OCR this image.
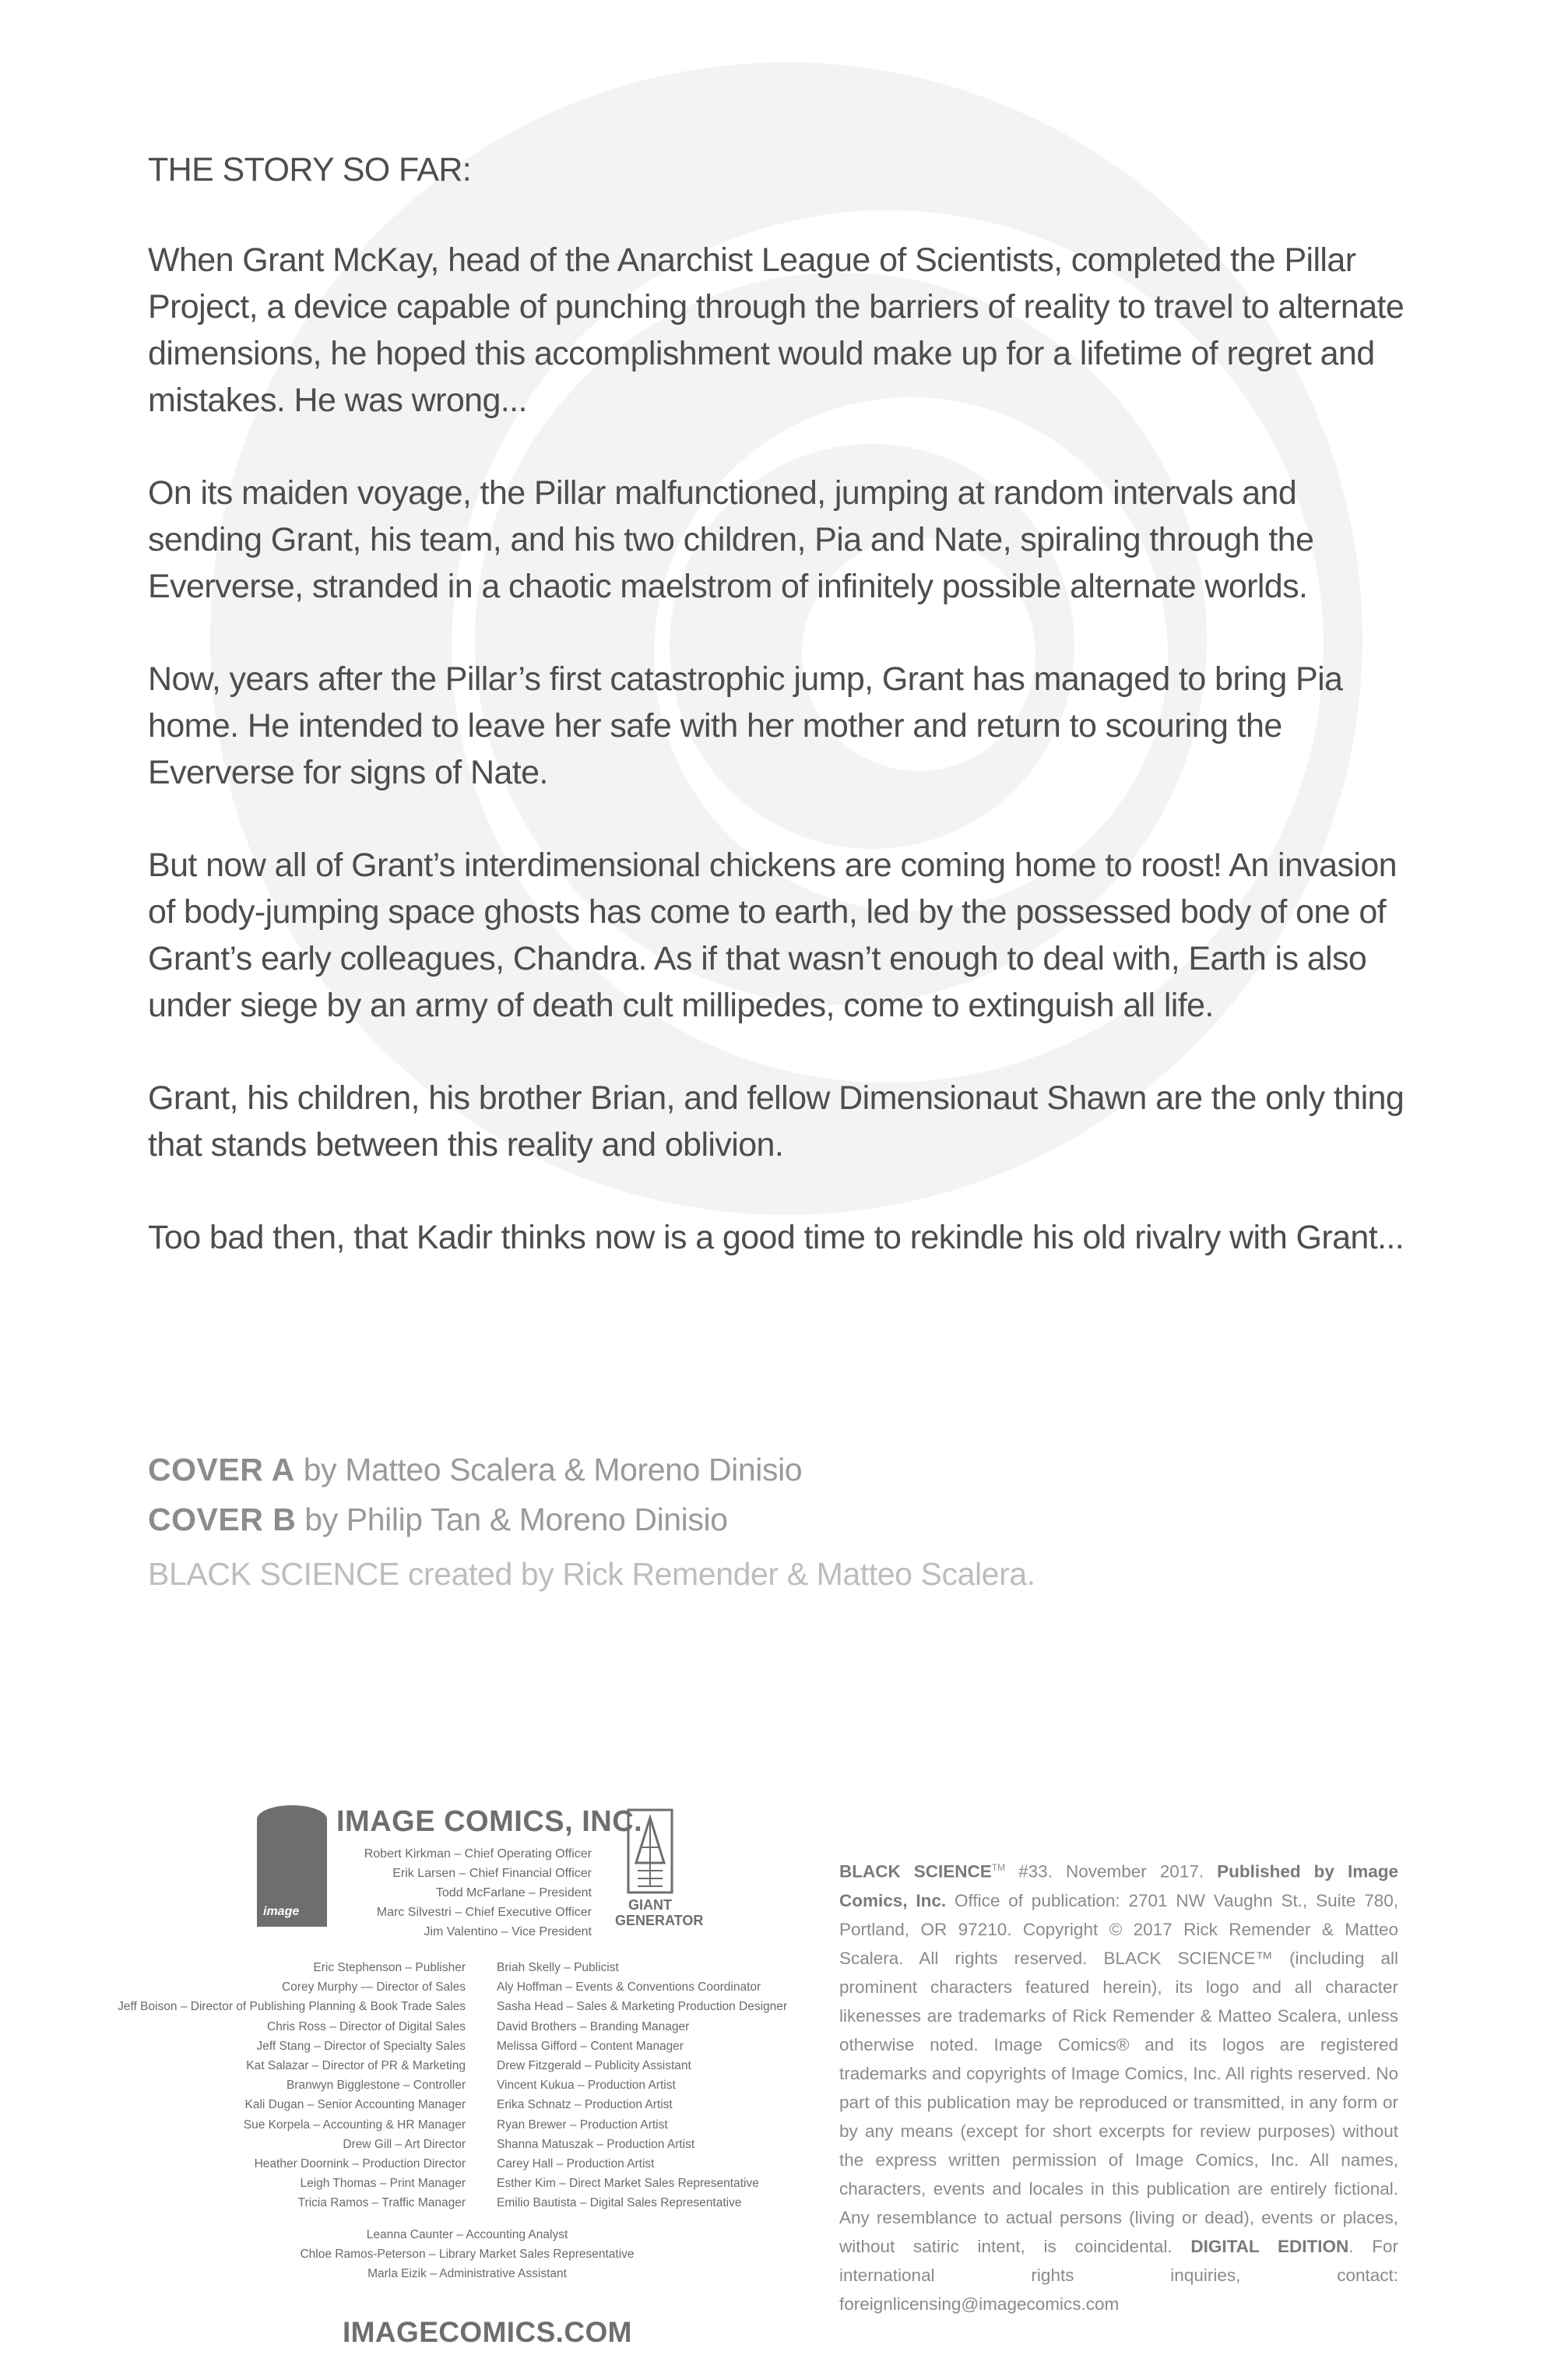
THE STORY SO FAR:

When Grant McKay, head of the Anarchist League of Scientists, completed the Pillar Project, a device capable of punching through the barriers of reality to travel to alternate dimensions, he hoped this accomplishment would make up for a lifetime of regret and mistakes. He was wrong...

On its maiden voyage, the Pillar malfunctioned, jumping at random intervals and sending Grant, his team, and his two children, Pia and Nate, spiraling through the Eververse, stranded in a chaotic maelstrom of infinitely possible alternate worlds.

Now, years after the Pillar’s first catastrophic jump, Grant has managed to bring Pia home. He intended to leave her safe with her mother and return to scouring the Eververse for signs of Nate.

But now all of Grant’s interdimensional chickens are coming home to roost! An invasion of body-jumping space ghosts has come to earth, led by the possessed body of one of Grant’s early colleagues, Chandra. As if that wasn’t enough to deal with, Earth is also under siege by an army of death cult millipedes, come to extinguish all life.

Grant, his children, his brother Brian, and fellow Dimensionaut Shawn are the only thing that stands between this reality and oblivion.

Too bad then, that Kadir thinks now is a good time to rekindle his old rivalry with Grant...

COVER A by Matteo Scalera & Moreno Dinisio
COVER B by Philip Tan & Moreno Dinisio
BLACK SCIENCE created by Rick Remender & Matteo Scalera.
image
IMAGE COMICS, INC.
Robert Kirkman – Chief Operating Officer
Erik Larsen – Chief Financial Officer
Todd McFarlane – President
Marc Silvestri – Chief Executive Officer
Jim Valentino – Vice President
GIANT
GENERATOR
Eric Stephenson – Publisher
Corey Murphy — Director of Sales
Jeff Boison – Director of Publishing Planning & Book Trade Sales
Chris Ross – Director of Digital Sales
Jeff Stang – Director of Specialty Sales
Kat Salazar – Director of PR & Marketing
Branwyn Bigglestone – Controller
Kali Dugan – Senior Accounting Manager
Sue Korpela – Accounting & HR Manager
Drew Gill – Art Director
Heather Doornink – Production Director
Leigh Thomas – Print Manager
Tricia Ramos – Traffic Manager
Briah Skelly – Publicist
Aly Hoffman – Events & Conventions Coordinator
Sasha Head – Sales & Marketing Production Designer
David Brothers – Branding Manager
Melissa Gifford – Content Manager
Drew Fitzgerald – Publicity Assistant
Vincent Kukua – Production Artist
Erika Schnatz – Production Artist
Ryan Brewer – Production Artist
Shanna Matuszak – Production Artist
Carey Hall – Production Artist
Esther Kim – Direct Market Sales Representative
Emilio Bautista – Digital Sales Representative
Leanna Caunter – Accounting Analyst
Chloe Ramos-Peterson – Library Market Sales Representative
Marla Eizik – Administrative Assistant
IMAGECOMICS.COM
BLACK SCIENCE™ #33. November 2017. Published by Image Comics, Inc. Office of publication: 2701 NW Vaughn St., Suite 780, Portland, OR 97210. Copyright © 2017 Rick Remender & Matteo Scalera. All rights reserved. BLACK SCIENCE™ (including all prominent characters featured herein), its logo and all character likenesses are trademarks of Rick Remender & Matteo Scalera, unless otherwise noted. Image Comics® and its logos are registered trademarks and copyrights of Image Comics, Inc. All rights reserved. No part of this publication may be reproduced or transmitted, in any form or by any means (except for short excerpts for review purposes) without the express written permission of Image Comics, Inc. All names, characters, events and locales in this publication are entirely fictional. Any resemblance to actual persons (living or dead), events or places, without satiric intent, is coincidental. DIGITAL EDITION. For international rights inquiries, contact: foreignlicensing@imagecomics.com
